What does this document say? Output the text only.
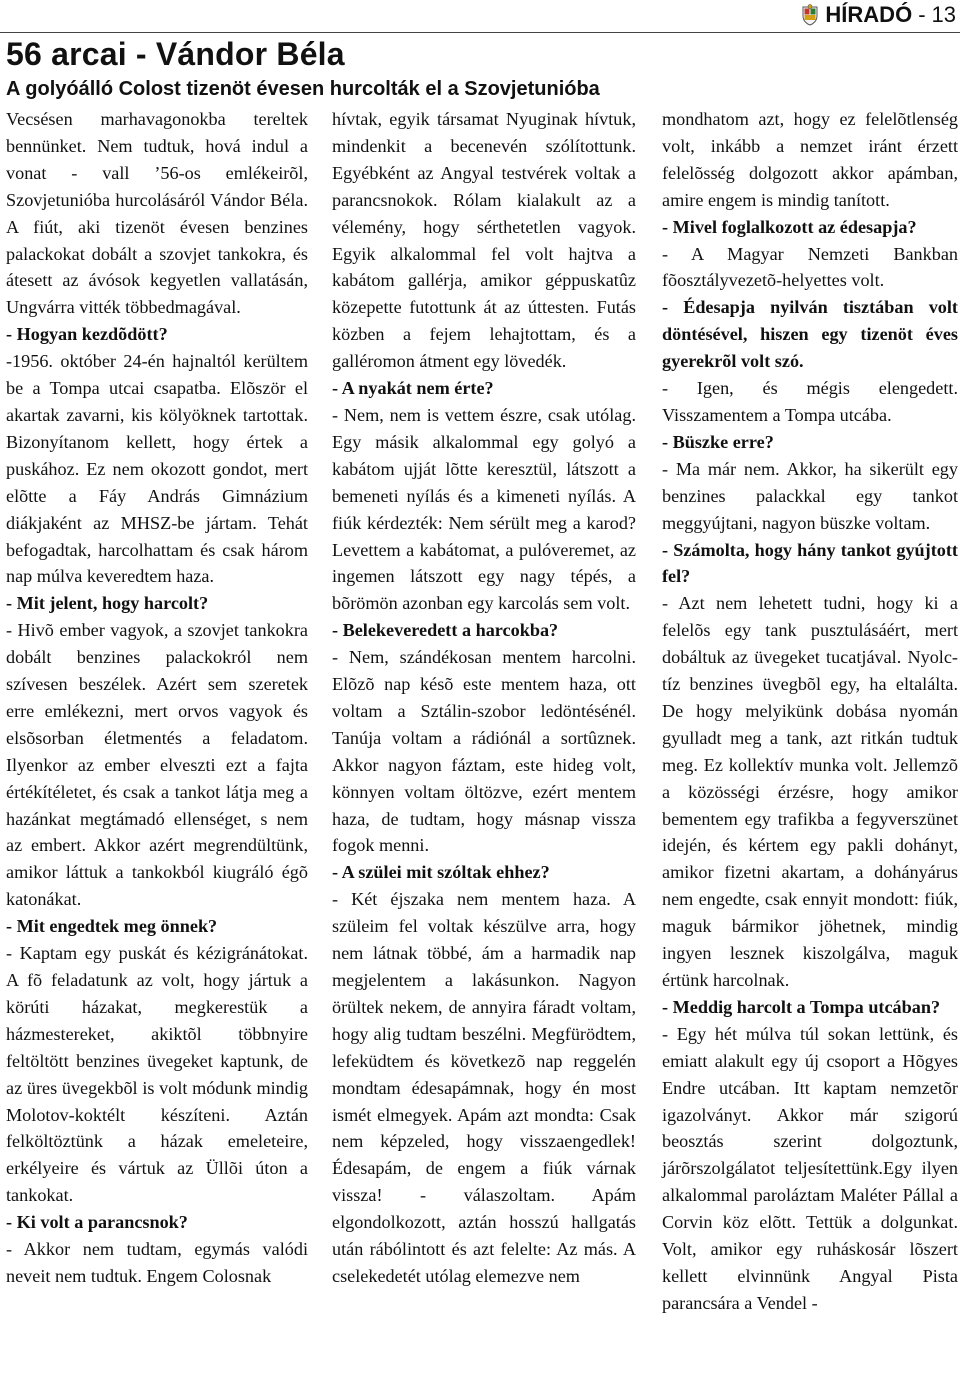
HÍRADÓ - 13
56 arcai - Vándor Béla
A golyóálló Colost tizenöt évesen hurcolták el a Szovjetunióba

Vecsésen marhavagonokba tereltek bennünket. Nem tudtuk, hová indul a vonat - vall ’56-os emlékeirõl, Szovjetunióba hurcolásáról Vándor Béla. A fiút, aki tizenöt évesen benzines palackokat dobált a szovjet tankokra, és átesett az ávósok kegyetlen vallatásán, Ungvárra vitték többedmagával.

- Hogyan kezdõdött?

-1956. október 24-én hajnaltól kerültem be a Tompa utcai csapatba. Elõször el akartak zavarni, kis kölyöknek tartottak. Bizonyítanom kellett, hogy értek a puskához. Ez nem okozott gondot, mert elõtte a Fáy András Gimnázium diákjaként az MHSZ-be jártam. Tehát befogadtak, harcolhattam és csak három nap múlva keveredtem haza.

- Mit jelent, hogy harcolt?

- Hivõ ember vagyok, a szovjet tankokra dobált benzines palackokról nem szívesen beszélek. Azért sem szeretek erre emlékezni, mert orvos vagyok és elsõsorban életmentés a feladatom. Ilyenkor az ember elveszti ezt a fajta értékítéletet, és csak a tankot látja meg a hazánkat megtámadó ellenséget, s nem az embert. Akkor azért megrendültünk, amikor láttuk a tankokból kiugráló égõ katonákat.

- Mit engedtek meg önnek?

- Kaptam egy puskát és kézigránátokat. A fõ feladatunk az volt, hogy jártuk a körúti házakat, megkerestük a házmestereket, akiktõl többnyire feltöltött benzines üvegeket kaptunk, de az üres üvegekbõl is volt módunk mindig Molotov-koktélt készíteni. Aztán felköltöztünk a házak emeleteire, erkélyeire és vártuk az Üllõi úton a tankokat.

- Ki volt a parancsnok?

- Akkor nem tudtam, egymás valódi neveit nem tudtuk. Engem Colosnak

hívtak, egyik társamat Nyuginak hívtuk, mindenkit a becenevén szólítottunk. Egyébként az Angyal testvérek voltak a parancsnokok. Rólam kialakult az a vélemény, hogy sérthetetlen vagyok. Egyik alkalommal fel volt hajtva a kabátom gallérja, amikor géppuskatûz közepette futottunk át az úttesten. Futás közben a fejem lehajtottam, és a galléromon átment egy lövedék.

- A nyakát nem érte?

- Nem, nem is vettem észre, csak utólag. Egy másik alkalommal egy golyó a kabátom ujját lõtte keresztül, látszott a bemeneti nyílás és a kimeneti nyílás. A fiúk kérdezték: Nem sérült meg a karod? Levettem a kabátomat, a pulóveremet, az ingemen látszott egy nagy tépés, a bõrömön azonban egy karcolás sem volt.

- Belekeveredett a harcokba?

- Nem, szándékosan mentem harcolni. Elõzõ nap késõ este mentem haza, ott voltam a Sztálin-szobor ledöntésénél. Tanúja voltam a rádiónál a sortûznek. Akkor nagyon fáztam, este hideg volt, könnyen voltam öltözve, ezért mentem haza, de tudtam, hogy másnap vissza fogok menni.

- A szülei mit szóltak ehhez?

- Két éjszaka nem mentem haza. A szüleim fel voltak készülve arra, hogy nem látnak többé, ám a harmadik nap megjelentem a lakásunkon. Nagyon örültek nekem, de annyira fáradt voltam, hogy alig tudtam beszélni. Megfürödtem, lefeküdtem és következõ nap reggelén mondtam édesapámnak, hogy én most ismét elmegyek. Apám azt mondta: Csak nem képzeled, hogy visszaengedlek! Édesapám, de engem a fiúk várnak vissza! - válaszoltam. Apám elgondolkozott, aztán hosszú hallgatás után rábólintott és azt felelte: Az más. A cselekedetét utólag elemezve nem

mondhatom azt, hogy ez felelõtlenség volt, inkább a nemzet iránt érzett felelõsség dolgozott akkor apámban, amire engem is mindig tanított.

- Mivel foglalkozott az édesapja?

- A Magyar Nemzeti Bankban fõosztályvezetõ-helyettes volt.

- Édesapja nyilván tisztában volt döntésével, hiszen egy tizenöt éves gyerekrõl volt szó.

- Igen, és mégis elengedett. Visszamentem a Tompa utcába.

- Büszke erre?

- Ma már nem. Akkor, ha sikerült egy benzines palackkal egy tankot meggyújtani, nagyon büszke voltam.

- Számolta, hogy hány tankot gyújtott fel?

- Azt nem lehetett tudni, hogy ki a felelõs egy tank pusztulásáért, mert dobáltuk az üvegeket tucatjával. Nyolc-tíz benzines üvegbõl egy, ha eltalálta. De hogy melyikünk dobása nyomán gyulladt meg a tank, azt ritkán tudtuk meg. Ez kollektív munka volt. Jellemzõ a közösségi érzésre, hogy amikor bementem egy trafikba a fegyverszünet idején, és kértem egy pakli dohányt, amikor fizetni akartam, a dohányárus nem engedte, csak ennyit mondott: fiúk, maguk bármikor jöhetnek, mindig ingyen lesznek kiszolgálva, maguk értünk harcolnak.

- Meddig harcolt a Tompa utcában?

- Egy hét múlva túl sokan lettünk, és emiatt alakult egy új csoport a Hõgyes Endre utcában. Itt kaptam nemzetõr igazolványt. Akkor már szigorú beosztás szerint dolgoztunk, járõrszolgálatot teljesítettünk.Egy ilyen alkalommal paroláztam Maléter Pállal a Corvin köz elõtt. Tettük a dolgunkat. Volt, amikor egy ruháskosár lõszert kellett elvinnünk Angyal Pista parancsára a Vendel -
